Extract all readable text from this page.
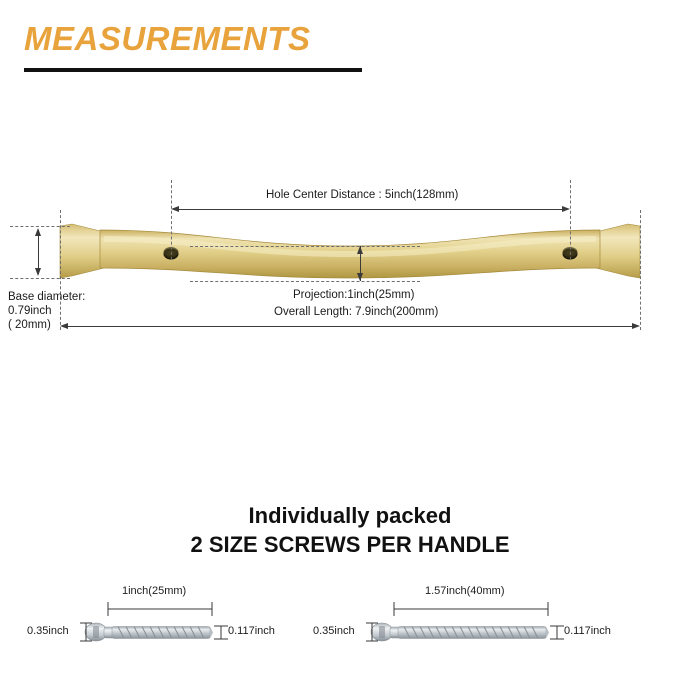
MEASUREMENTS
Hole Center Distance : 5inch(128mm)
Projection:1inch(25mm)
Overall Length: 7.9inch(200mm)
Base diameter:
0.79inch
( 20mm)
Individually packed
2 SIZE SCREWS PER HANDLE
1inch(25mm)
0.35inch	0.117inch
1.57inch(40mm)
0.35inch	0.117inch
